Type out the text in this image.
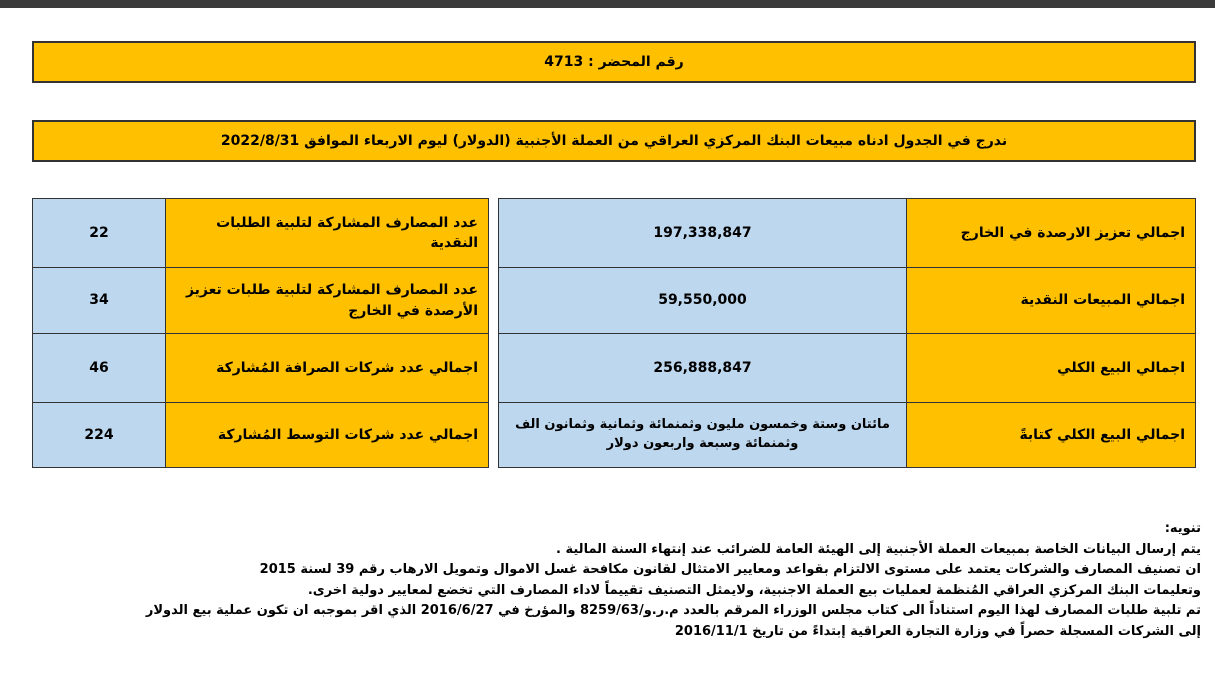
رقم المحضر : 4713
ندرج في الجدول ادناه مبيعات البنك المركزي العراقي من العملة الأجنبية (الدولار) ليوم الاربعاء الموافق 2022/8/31
اجمالي تعزيز الارصدة في الخارج
197,338,847
اجمالي المبيعات النقدية
59,550,000
اجمالي البيع الكلي
256,888,847
اجمالي البيع الكلي كتابةً
مائتان وستة وخمسون مليون وثمنمائة وثمانية وثمانون الف وثمنمائة وسبعة واربعون دولار
عدد المصارف المشاركة لتلبية الطلبات النقدية
22
عدد المصارف المشاركة لتلبية طلبات تعزيز الأرصدة في الخارج
34
اجمالي عدد شركات الصرافة المُشاركة
46
اجمالي عدد شركات التوسط المُشاركة
224

تنويه:

يتم إرسال البيانات الخاصة بمبيعات العملة الأجنبية إلى الهيئة العامة للضرائب عند إنتهاء السنة المالية .

ان تصنيف المصارف والشركات يعتمد على مستوى الالتزام بقواعد ومعايير الامتثال لقانون مكافحة غسل الاموال وتمويل الارهاب رقم 39 لسنة 2015

وتعليمات البنك المركزي العراقي المُنظمة لعمليات بيع العملة الاجنبية، ولايمثل التصنيف تقييماً لاداء المصارف التي تخضع لمعايير دولية اخرى.

تم تلبية طلبات المصارف لهذا اليوم استناداً الى كتاب مجلس الوزراء المرقم بالعدد م.ر.و/8259/63 والمؤرخ في 2016/6/27 الذي اقر بموجبه ان تكون عملية بيع الدولار

إلى الشركات المسجلة حصراً في وزارة التجارة العراقية إبتداءً من تاريخ 2016/11/1
